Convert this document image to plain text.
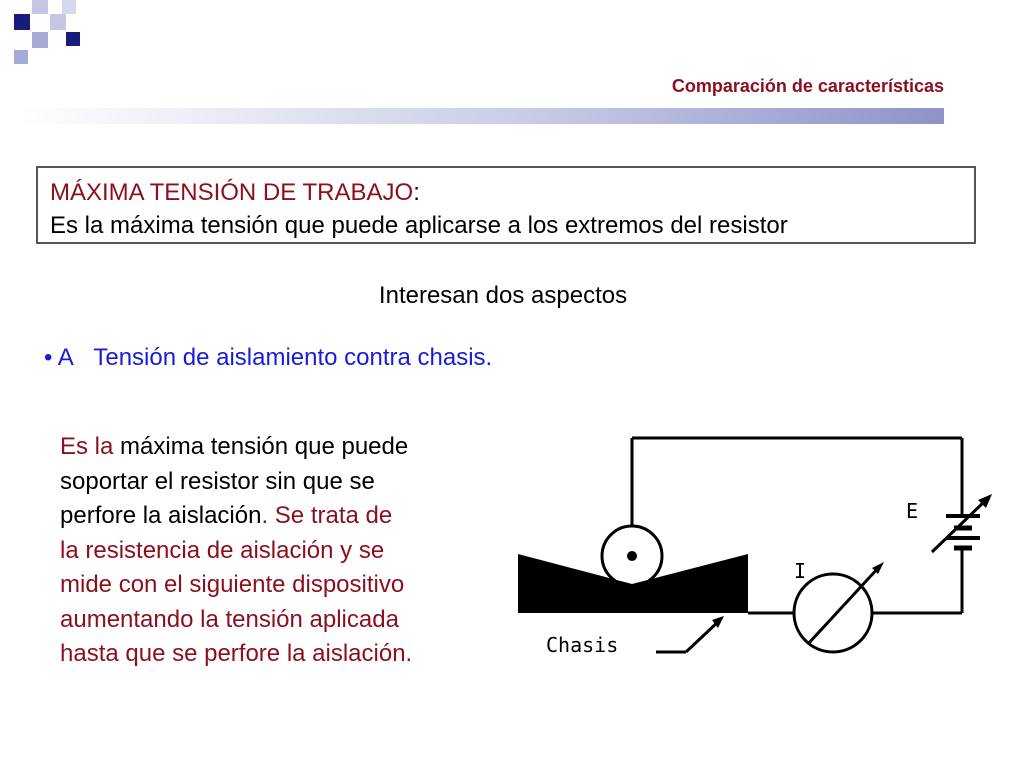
Comparación de características
MÁXIMA TENSIÓN DE TRABAJO:
Es la máxima tensión que puede aplicarse a los extremos del resistor
Interesan dos aspectos
• A Tensión de aislamiento contra chasis.
Es la máxima tensión que puede
soportar el resistor sin que se
perfore la aislación. Se trata de
la resistencia de aislación y se
mide con el siguiente dispositivo
aumentando la tensión aplicada
hasta que se perfore la aislación.
E
I
Chasis
